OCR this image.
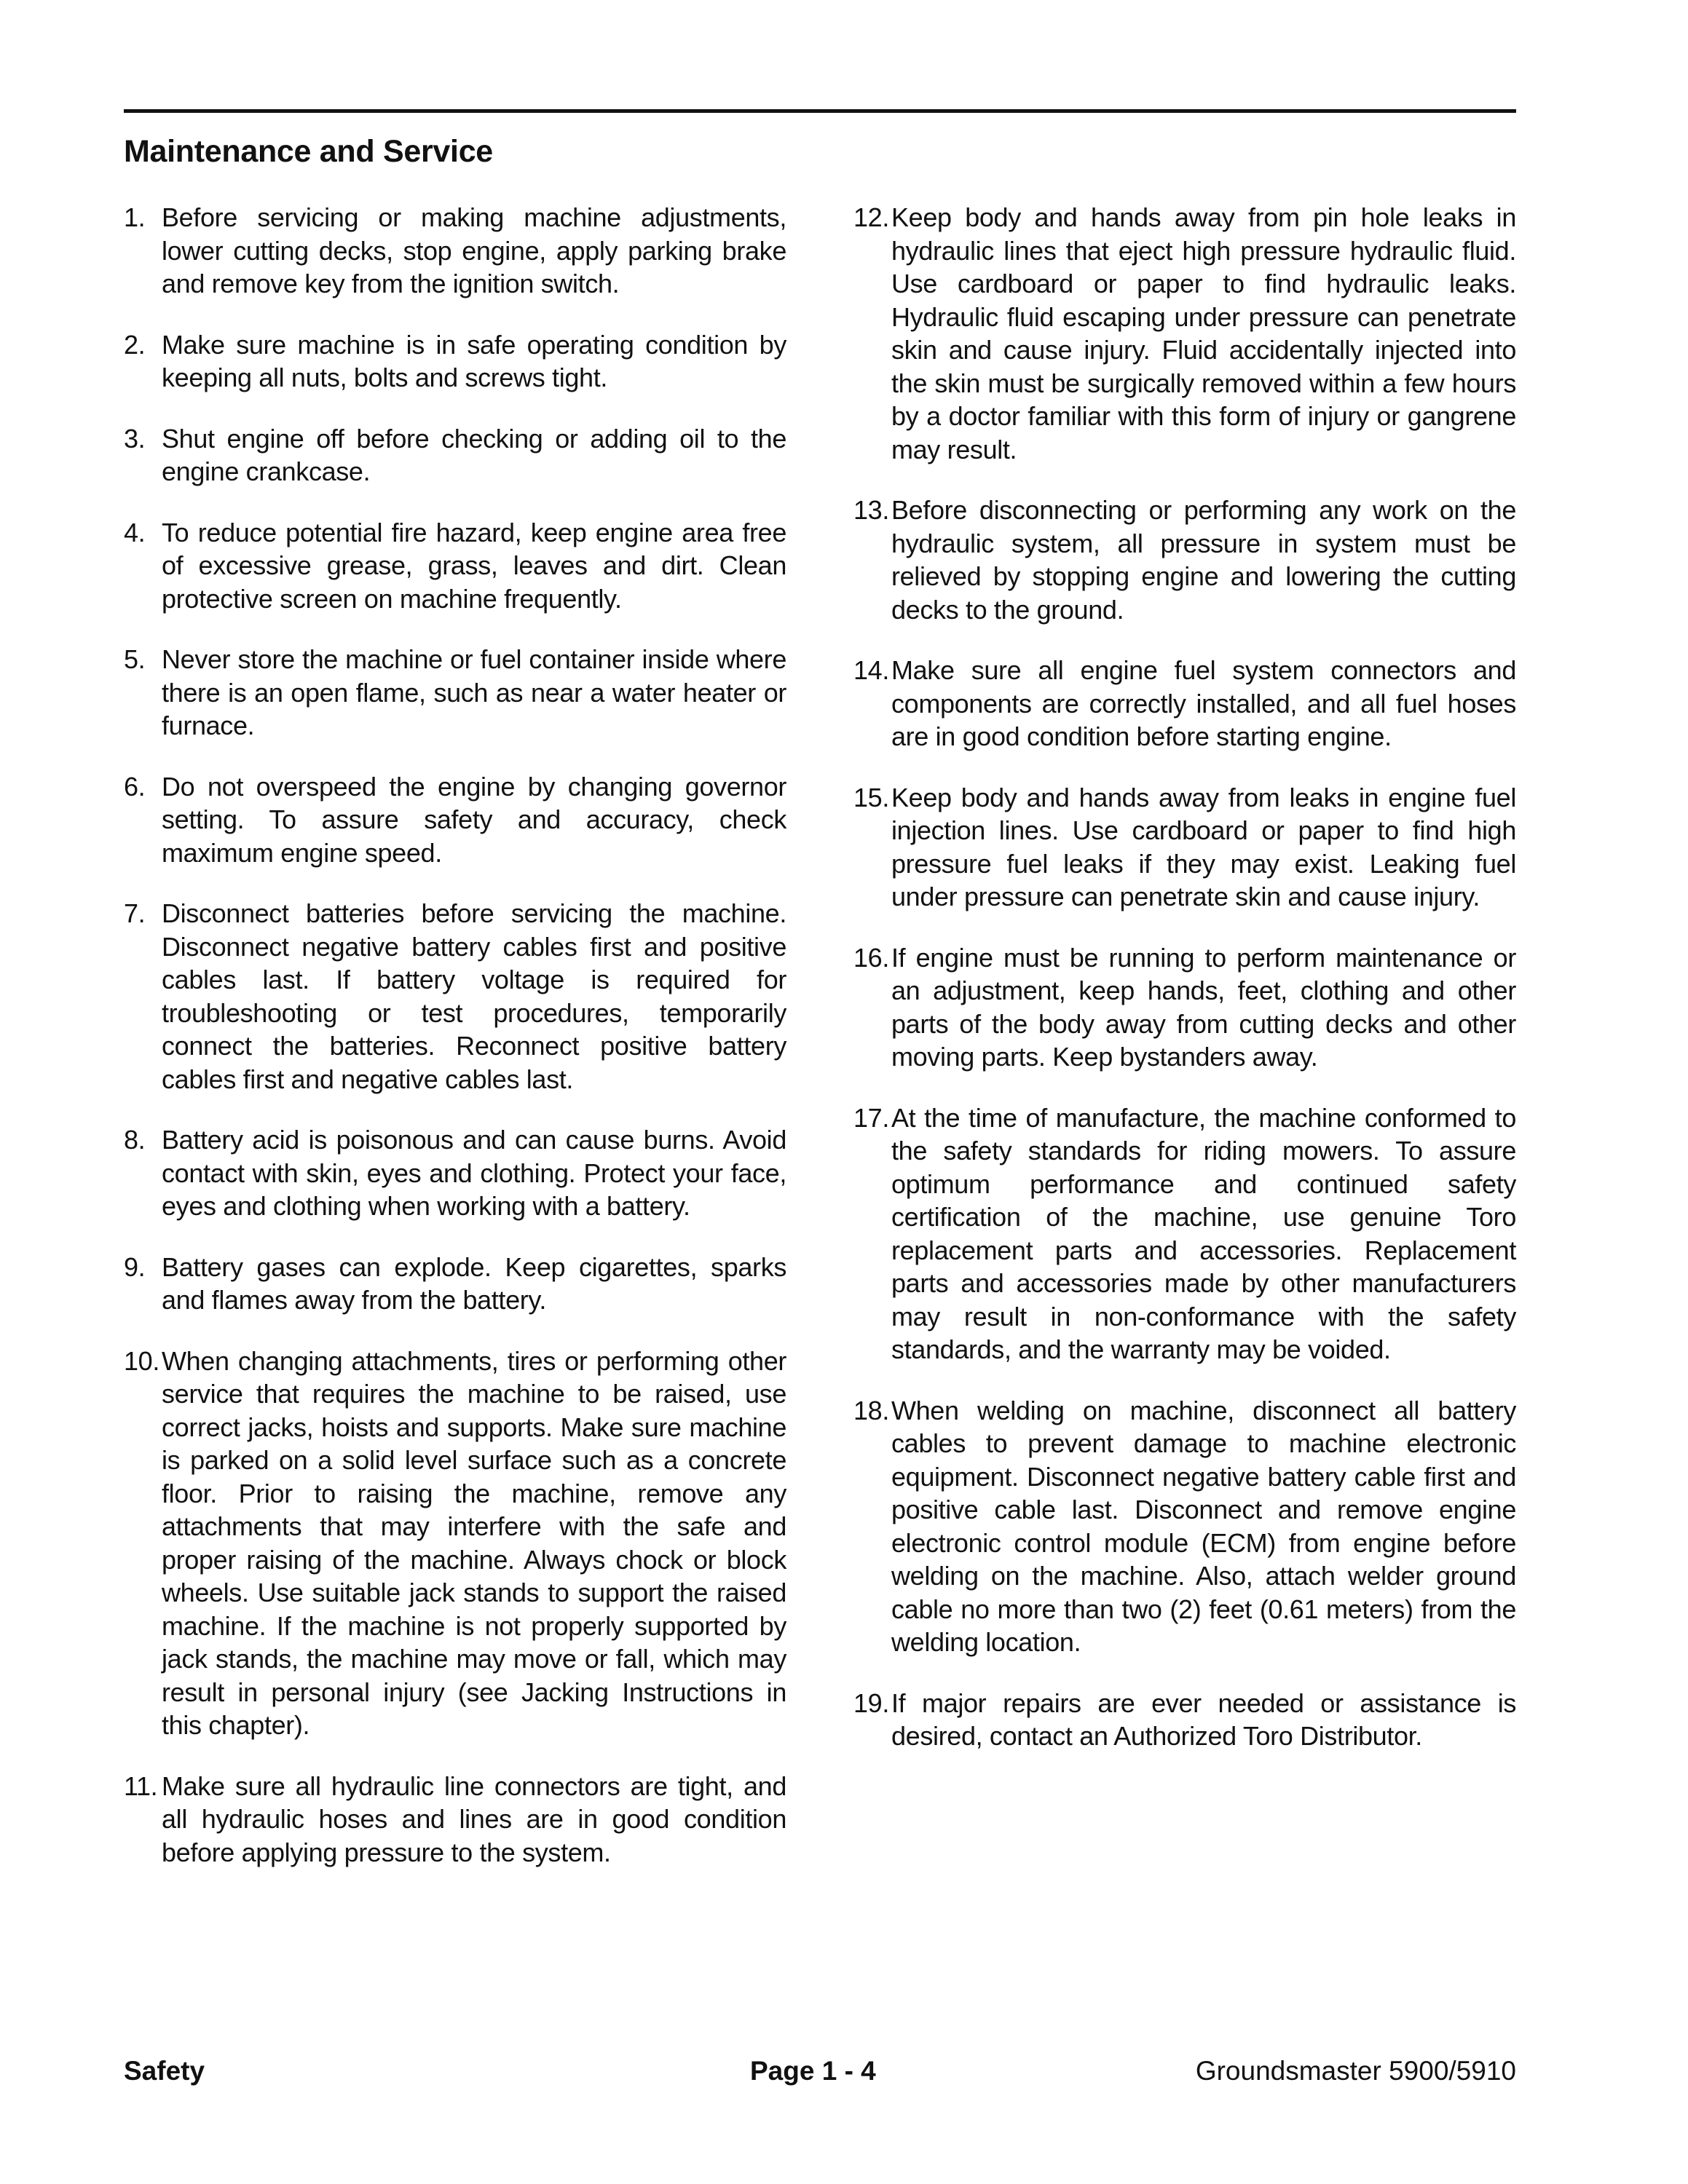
Maintenance and Service
1. Before servicing or making machine adjustments, lower cutting decks, stop engine, apply parking brake and remove key from the ignition switch.
2. Make sure machine is in safe operating condition by keeping all nuts, bolts and screws tight.
3. Shut engine off before checking or adding oil to the engine crankcase.
4. To reduce potential fire hazard, keep engine area free of excessive grease, grass, leaves and dirt. Clean protective screen on machine frequently.
5. Never store the machine or fuel container inside where there is an open flame, such as near a water heater or furnace.
6. Do not overspeed the engine by changing governor setting. To assure safety and accuracy, check maximum engine speed.
7. Disconnect batteries before servicing the machine. Disconnect negative battery cables first and positive cables last. If battery voltage is required for troubleshooting or test procedures, temporarily connect the batteries. Reconnect positive battery cables first and negative cables last.
8. Battery acid is poisonous and can cause burns. Avoid contact with skin, eyes and clothing. Protect your face, eyes and clothing when working with a battery.
9. Battery gases can explode. Keep cigarettes, sparks and flames away from the battery.
10. When changing attachments, tires or performing other service that requires the machine to be raised, use correct jacks, hoists and supports. Make sure machine is parked on a solid level surface such as a concrete floor. Prior to raising the machine, remove any attachments that may interfere with the safe and proper raising of the machine. Always chock or block wheels. Use suitable jack stands to support the raised machine. If the machine is not properly supported by jack stands, the machine may move or fall, which may result in personal injury (see Jacking Instructions in this chapter).
11. Make sure all hydraulic line connectors are tight, and all hydraulic hoses and lines are in good condition before applying pressure to the system.
12. Keep body and hands away from pin hole leaks in hydraulic lines that eject high pressure hydraulic fluid. Use cardboard or paper to find hydraulic leaks. Hydraulic fluid escaping under pressure can penetrate skin and cause injury. Fluid accidentally injected into the skin must be surgically removed within a few hours by a doctor familiar with this form of injury or gangrene may result.
13. Before disconnecting or performing any work on the hydraulic system, all pressure in system must be relieved by stopping engine and lowering the cutting decks to the ground.
14. Make sure all engine fuel system connectors and components are correctly installed, and all fuel hoses are in good condition before starting engine.
15. Keep body and hands away from leaks in engine fuel injection lines. Use cardboard or paper to find high pressure fuel leaks if they may exist. Leaking fuel under pressure can penetrate skin and cause injury.
16. If engine must be running to perform maintenance or an adjustment, keep hands, feet, clothing and other parts of the body away from cutting decks and other moving parts. Keep bystanders away.
17. At the time of manufacture, the machine conformed to the safety standards for riding mowers. To assure optimum performance and continued safety certification of the machine, use genuine Toro replacement parts and accessories. Replacement parts and accessories made by other manufacturers may result in non-conformance with the safety standards, and the warranty may be voided.
18. When welding on machine, disconnect all battery cables to prevent damage to machine electronic equipment. Disconnect negative battery cable first and positive cable last. Disconnect and remove engine electronic control module (ECM) from engine before welding on the machine. Also, attach welder ground cable no more than two (2) feet (0.61 meters) from the welding location.
19. If major repairs are ever needed or assistance is desired, contact an Authorized Toro Distributor.
Safety	Page 1 - 4	Groundsmaster 5900/5910
